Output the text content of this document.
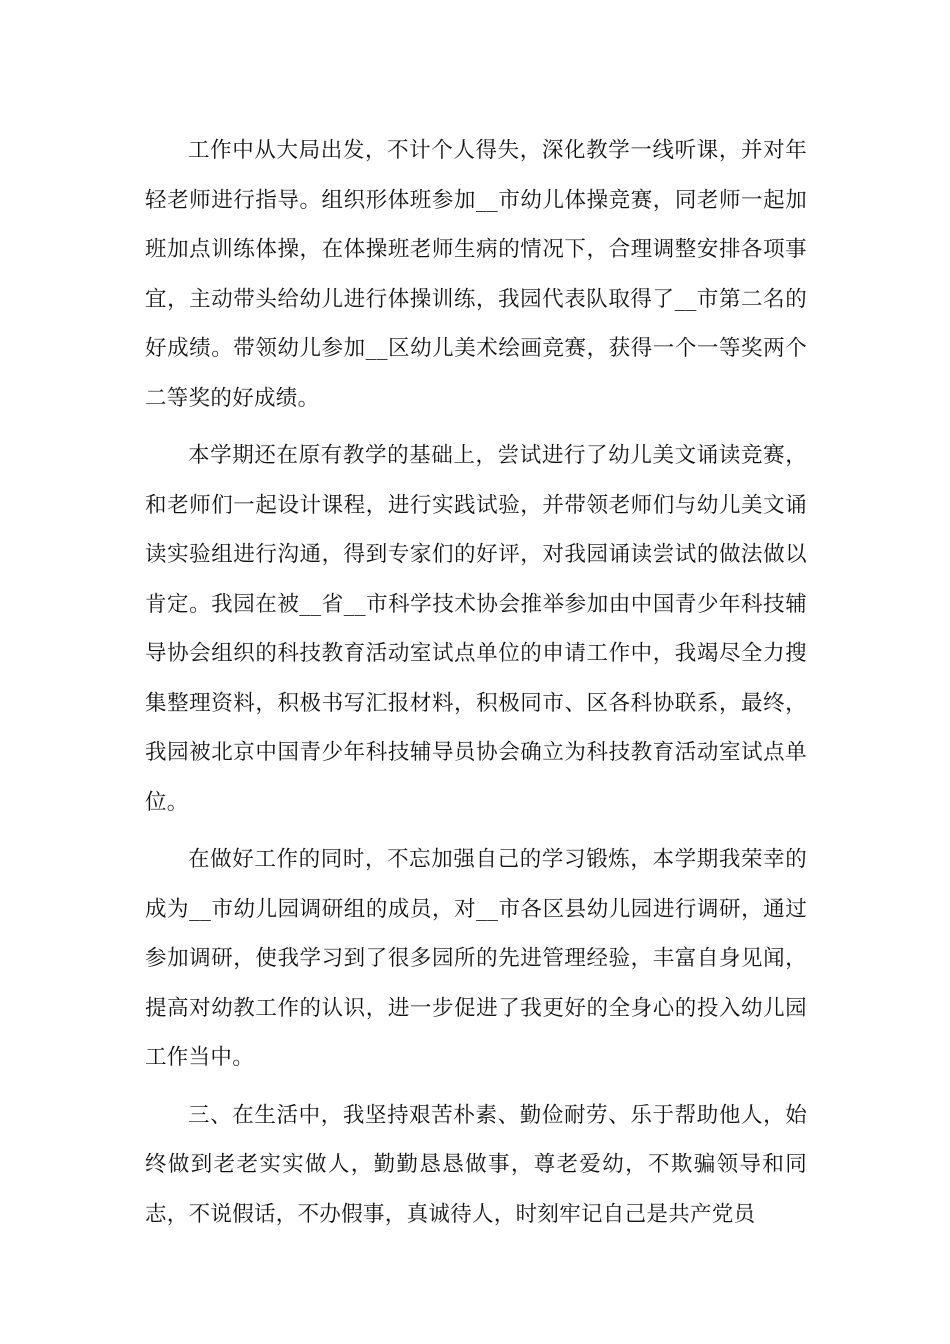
工作中从大局出发，不计个人得失，深化教学一线听课，并对年轻老师进行指导。组织形体班参加__市幼儿体操竞赛，同老师一起加班加点训练体操，在体操班老师生病的情况下，合理调整安排各项事宜，主动带头给幼儿进行体操训练，我园代表队取得了__市第二名的好成绩。带领幼儿参加__区幼儿美术绘画竞赛，获得一个一等奖两个二等奖的好成绩。

本学期还在原有教学的基础上，尝试进行了幼儿美文诵读竞赛，和老师们一起设计课程，进行实践试验，并带领老师们与幼儿美文诵读实验组进行沟通，得到专家们的好评，对我园诵读尝试的做法做以肯定。我园在被__省__市科学技术协会推举参加由中国青少年科技辅导协会组织的科技教育活动室试点单位的申请工作中，我竭尽全力搜集整理资料，积极书写汇报材料，积极同市、区各科协联系，最终，我园被北京中国青少年科技辅导员协会确立为科技教育活动室试点单位。

在做好工作的同时，不忘加强自己的学习锻炼，本学期我荣幸的成为__市幼儿园调研组的成员，对__市各区县幼儿园进行调研，通过参加调研，使我学习到了很多园所的先进管理经验，丰富自身见闻，提高对幼教工作的认识，进一步促进了我更好的全身心的投入幼儿园工作当中。

三、在生活中，我坚持艰苦朴素、勤俭耐劳、乐于帮助他人，始终做到老老实实做人，勤勤恳恳做事，尊老爱幼，不欺骗领导和同志，不说假话，不办假事，真诚待人，时刻牢记自己是共产党员
